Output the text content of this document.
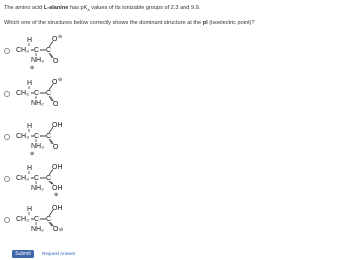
The amino acid L-alanine has $pK_a$ values of its ionizable groups of 2.3 and 9.9.

Which one of the structures below correctly shows the dominant structure at the pI (isoelectric point)?

H
CH₃ C C
O ⊖
NH₃
⊕
O
H
CH₃ C C
O ⊖
NH₂ O
H
CH₃ C C
OH
NH₃
⊕
O
H
CH₃ C C
OH
NH₂ OH
⊕
H
CH₃ C C
OH
NH₂ O ⊖
Submit	Request Answer
